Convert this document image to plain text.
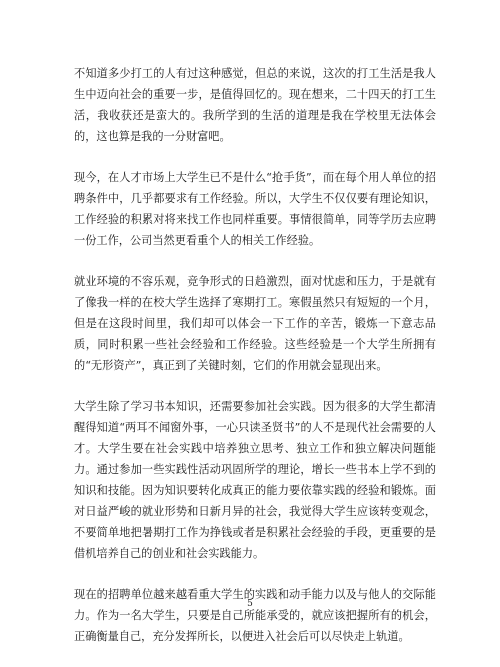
不知道多少打工的人有过这种感觉，但总的来说，这次的打工生活是我人生中迈向社会的重要一步，是值得回忆的。现在想来，二十四天的打工生活，我收获还是蛮大的。我所学到的生活的道理是我在学校里无法体会的，这也算是我的一分财富吧。

现今，在人才市场上大学生已不是什么“抢手货”，而在每个用人单位的招聘条件中，几乎都要求有工作经验。所以，大学生不仅仅要有理论知识，工作经验的积累对将来找工作也同样重要。事情很简单，同等学历去应聘一份工作，公司当然更看重个人的相关工作经验。

就业环境的不容乐观，竞争形式的日趋激烈，面对忧虑和压力，于是就有了像我一样的在校大学生选择了寒期打工。寒假虽然只有短短的一个月，但是在这段时间里，我们却可以体会一下工作的辛苦，锻炼一下意志品质，同时积累一些社会经验和工作经验。这些经验是一个大学生所拥有的“无形资产”，真正到了关键时刻，它们的作用就会显现出来。

大学生除了学习书本知识，还需要参加社会实践。因为很多的大学生都清醒得知道“两耳不闻窗外事，一心只读圣贤书”的人不是现代社会需要的人才。大学生要在社会实践中培养独立思考、独立工作和独立解决问题能力。通过参加一些实践性活动巩固所学的理论，增长一些书本上学不到的知识和技能。因为知识要转化成真正的能力要依靠实践的经验和锻炼。面对日益严峻的就业形势和日新月异的社会，我觉得大学生应该转变观念，不要简单地把暑期打工作为挣钱或者是积累社会经验的手段，更重要的是借机培养自己的创业和社会实践能力。

现在的招聘单位越来越看重大学生的实践和动手能力以及与他人的交际能力。作为一名大学生，只要是自己所能承受的，就应该把握所有的机会，正确衡量自己，充分发挥所长，以便进入社会后可以尽快走上轨道。

5
